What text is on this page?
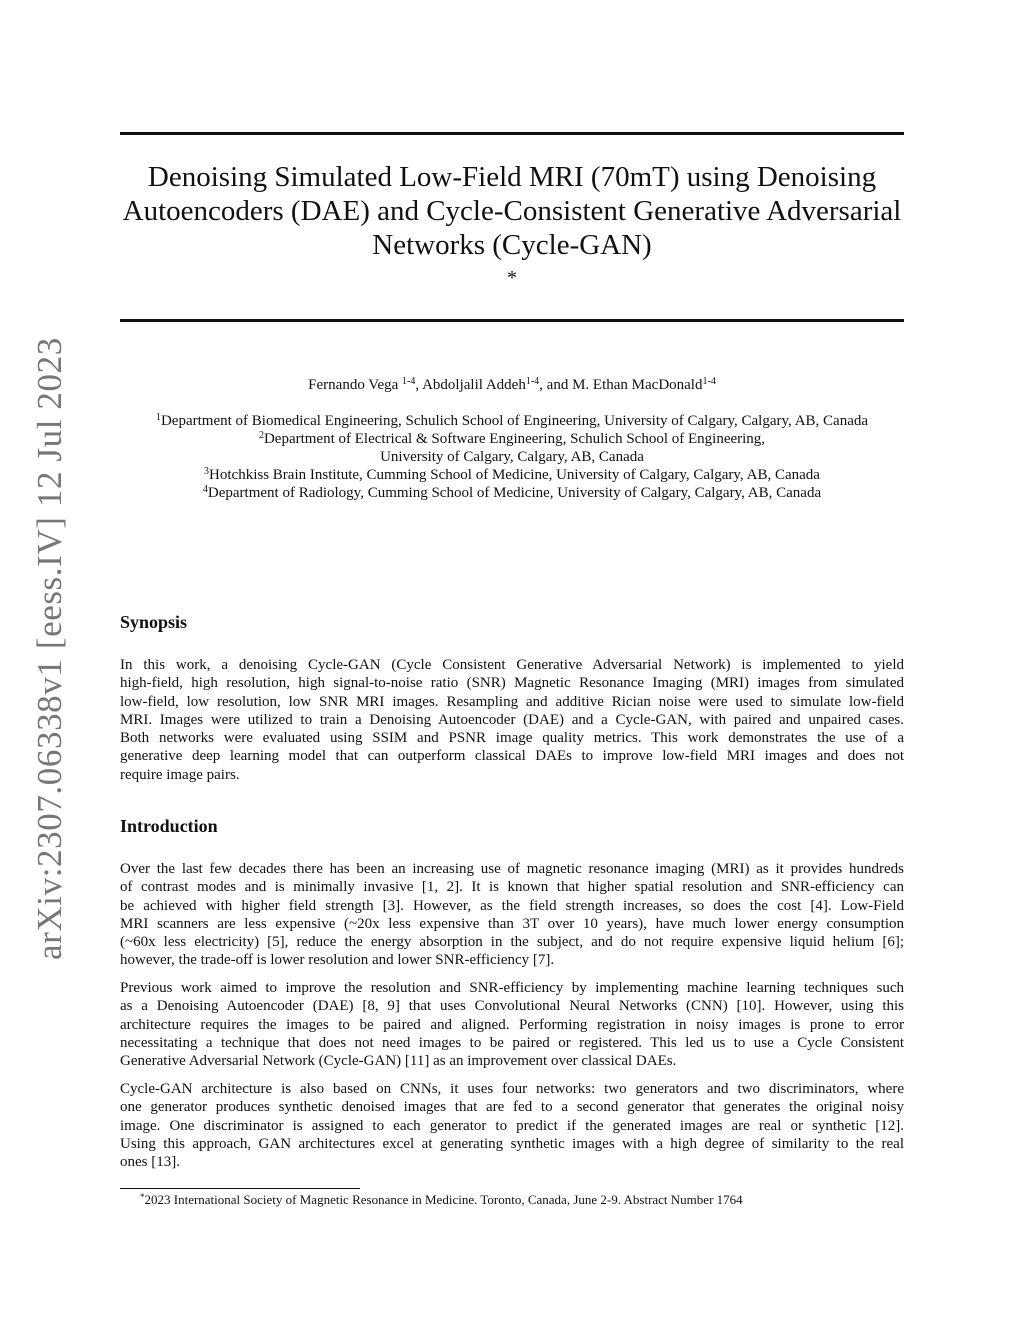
arXiv:2307.06338v1 [eess.IV] 12 Jul 2023
Denoising Simulated Low-Field MRI (70mT) using Denoising
Autoencoders (DAE) and Cycle-Consistent Generative Adversarial
Networks (Cycle-GAN)
*
Fernando Vega $^{1-4}$, Abdoljalil Addeh$^{1-4}$, and M. Ethan MacDonald$^{1-4}$
$^1$Department of Biomedical Engineering, Schulich School of Engineering, University of Calgary, Calgary, AB, Canada
$^2$Department of Electrical & Software Engineering, Schulich School of Engineering,
University of Calgary, Calgary, AB, Canada
$^3$Hotchkiss Brain Institute, Cumming School of Medicine, University of Calgary, Calgary, AB, Canada
$^4$Department of Radiology, Cumming School of Medicine, University of Calgary, Calgary, AB, Canada
Synopsis
In this work, a denoising Cycle-GAN (Cycle Consistent Generative Adversarial Network) is implemented to yield
high-field, high resolution, high signal-to-noise ratio (SNR) Magnetic Resonance Imaging (MRI) images from simulated
low-field, low resolution, low SNR MRI images. Resampling and additive Rician noise were used to simulate low-field
MRI. Images were utilized to train a Denoising Autoencoder (DAE) and a Cycle-GAN, with paired and unpaired cases.
Both networks were evaluated using SSIM and PSNR image quality metrics. This work demonstrates the use of a
generative deep learning model that can outperform classical DAEs to improve low-field MRI images and does not
require image pairs.
Introduction
Over the last few decades there has been an increasing use of magnetic resonance imaging (MRI) as it provides hundreds
of contrast modes and is minimally invasive [1, 2]. It is known that higher spatial resolution and SNR-efficiency can
be achieved with higher field strength [3]. However, as the field strength increases, so does the cost [4]. Low-Field
MRI scanners are less expensive (~20x less expensive than 3T over 10 years), have much lower energy consumption
(~60x less electricity) [5], reduce the energy absorption in the subject, and do not require expensive liquid helium [6];
however, the trade-off is lower resolution and lower SNR-efficiency [7].
Previous work aimed to improve the resolution and SNR-efficiency by implementing machine learning techniques such
as a Denoising Autoencoder (DAE) [8, 9] that uses Convolutional Neural Networks (CNN) [10]. However, using this
architecture requires the images to be paired and aligned. Performing registration in noisy images is prone to error
necessitating a technique that does not need images to be paired or registered. This led us to use a Cycle Consistent
Generative Adversarial Network (Cycle-GAN) [11] as an improvement over classical DAEs.
Cycle-GAN architecture is also based on CNNs, it uses four networks: two generators and two discriminators, where
one generator produces synthetic denoised images that are fed to a second generator that generates the original noisy
image. One discriminator is assigned to each generator to predict if the generated images are real or synthetic [12].
Using this approach, GAN architectures excel at generating synthetic images with a high degree of similarity to the real
ones [13].
*2023 International Society of Magnetic Resonance in Medicine. Toronto, Canada, June 2-9. Abstract Number 1764
